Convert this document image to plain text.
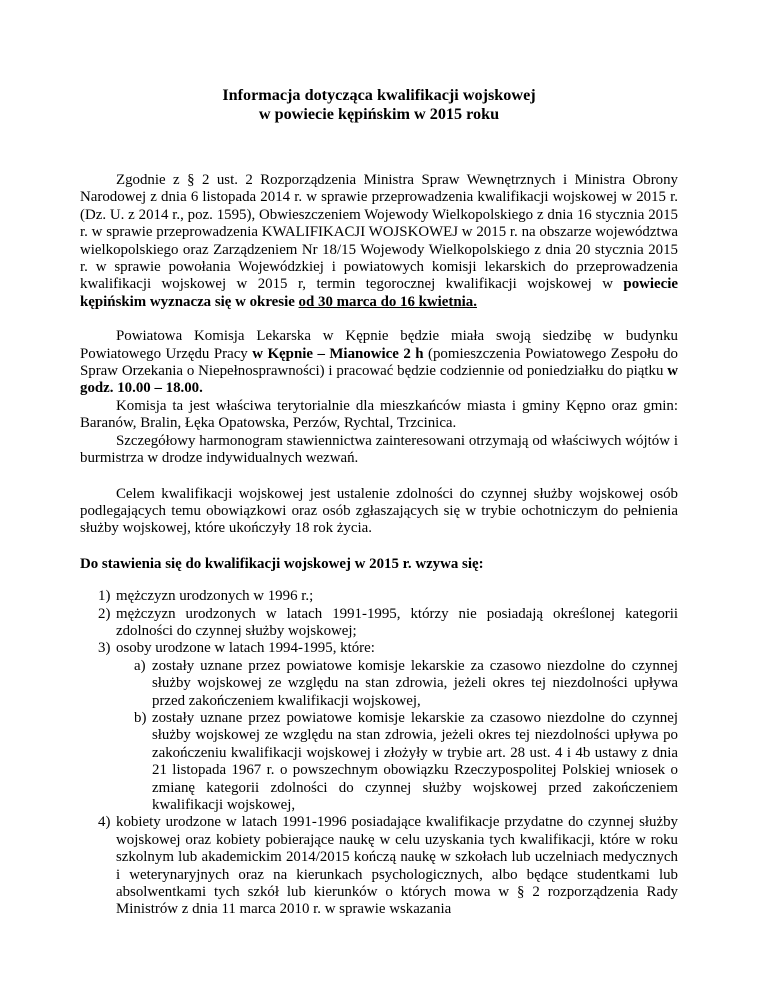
Informacja dotycząca kwalifikacji wojskowej
w powiecie kępińskim w 2015 roku

Zgodnie z § 2 ust. 2 Rozporządzenia Ministra Spraw Wewnętrznych i Ministra Obrony Narodowej z dnia 6 listopada 2014 r. w sprawie przeprowadzenia kwalifikacji wojskowej w 2015 r. (Dz. U. z 2014 r., poz. 1595), Obwieszczeniem Wojewody Wielkopolskiego z dnia 16 stycznia 2015 r. w sprawie przeprowadzenia KWALIFIKACJI WOJSKOWEJ w 2015 r. na obszarze województwa wielkopolskiego oraz Zarządzeniem Nr 18/15 Wojewody Wielkopolskiego z dnia 20 stycznia 2015 r. w sprawie powołania Wojewódzkiej i powiatowych komisji lekarskich do przeprowadzenia kwalifikacji wojskowej w 2015 r, termin tegorocznej kwalifikacji wojskowej w powiecie kępińskim wyznacza się w okresie od 30 marca do 16 kwietnia.

Powiatowa Komisja Lekarska w Kępnie będzie miała swoją siedzibę w budynku Powiatowego Urzędu Pracy w Kępnie – Mianowice 2 h (pomieszczenia Powiatowego Zespołu do Spraw Orzekania o Niepełnosprawności) i pracować będzie codziennie od poniedziałku do piątku w godz. 10.00 – 18.00.

Komisja ta jest właściwa terytorialnie dla mieszkańców miasta i gminy Kępno oraz gmin: Baranów, Bralin, Łęka Opatowska, Perzów, Rychtal, Trzcinica.

Szczegółowy harmonogram stawiennictwa zainteresowani otrzymają od właściwych wójtów i burmistrza w drodze indywidualnych wezwań.

Celem kwalifikacji wojskowej jest ustalenie zdolności do czynnej służby wojskowej osób podlegających temu obowiązkowi oraz osób zgłaszających się w trybie ochotniczym do pełnienia służby wojskowej, które ukończyły 18 rok życia.

Do stawienia się do kwalifikacji wojskowej w 2015 r. wzywa się:

1) mężczyzn urodzonych w 1996 r.;
2) mężczyzn urodzonych w latach 1991-1995, którzy nie posiadają określonej kategorii zdolności do czynnej służby wojskowej;
3) osoby urodzone w latach 1994-1995, które:
a) zostały uznane przez powiatowe komisje lekarskie za czasowo niezdolne do czynnej służby wojskowej ze względu na stan zdrowia, jeżeli okres tej niezdolności upływa przed zakończeniem kwalifikacji wojskowej,
b) zostały uznane przez powiatowe komisje lekarskie za czasowo niezdolne do czynnej służby wojskowej ze względu na stan zdrowia, jeżeli okres tej niezdolności upływa po zakończeniu kwalifikacji wojskowej i złożyły w trybie art. 28 ust. 4 i 4b ustawy z dnia 21 listopada 1967 r. o powszechnym obowiązku Rzeczypospolitej Polskiej wniosek o zmianę kategorii zdolności do czynnej służby wojskowej przed zakończeniem kwalifikacji wojskowej,
4) kobiety urodzone w latach 1991-1996 posiadające kwalifikacje przydatne do czynnej służby wojskowej oraz kobiety pobierające naukę w celu uzyskania tych kwalifikacji, które w roku szkolnym lub akademickim 2014/2015 kończą naukę w szkołach lub uczelniach medycznych i weterynaryjnych oraz na kierunkach psychologicznych, albo będące studentkami lub absolwentkami tych szkół lub kierunków o których mowa w § 2 rozporządzenia Rady Ministrów z dnia 11 marca 2010 r. w sprawie wskazania
